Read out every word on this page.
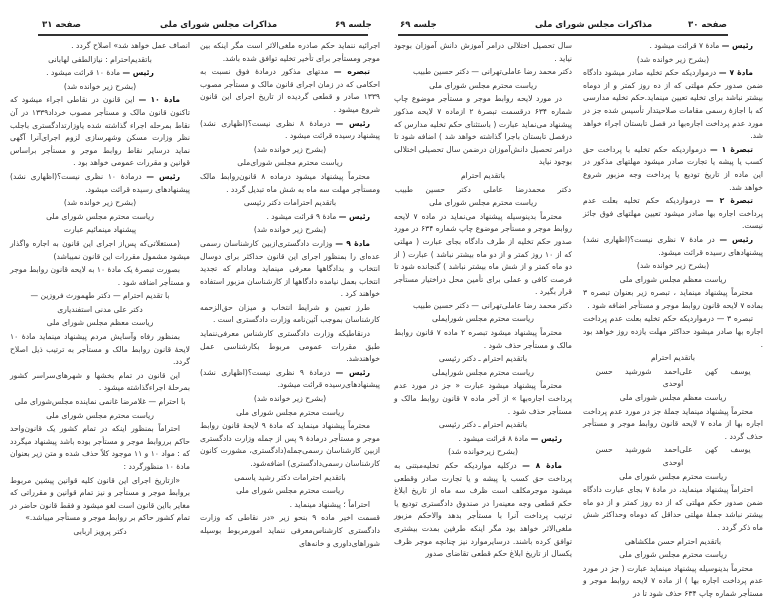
صفحه ۳۱	مذاکرات مجلس شورای ملی	جلسه ۶۹	جلسه ۶۹	مذاکرات مجلس شورای ملی	صفحه ۳۰

رئیس — مادهٔ ۷ قرائت میشود .

(بشرح زیر خوانده شد)

مادهٔ ۷ — درمواردیکه حکم تخلیه صادر میشود دادگاه ضمن صدور حکم مهلتی که از ده روز کمتر و از دوماه بیشتر نباشد برای تخلیه تعیین مینماید.حکم تخلیه مدارسی که با اجازهٔ رسمی مقامات صلاحیتدار تأسیس شده جز در مورد عدم پرداخت اجاره‌بها در فصل تابستان اجراء خواهد شد.

تبصرهٔ ۱ — درمواردیکه حکم تخلیه با پرداخت حق کسب یا پیشه یا تجارت صادر میشود مهلتهای مذکور در این ماده از تاریخ تودیع یا پرداخت وجه مزبور شروع خواهد شد.

تبصرهٔ ۲ — درمواردیکه حکم تخلیه بعلت عدم پرداخت اجاره بها صادر میشود تعیین مهلتهای فوق جائز نیست.

رئیس — در مادهٔ ۷ نظری نیست؟(اظهاری نشد) پیشنهادهای رسیده قرائت میشود.

(بشرح زیر خوانده شد)

ریاست معظم مجلس شورای ملی

محترماً پیشنهاد مینماید ، تبصره زیر بعنوان تبصره ۳ بماده ۷ لایحه قانون روابط موجر و مستأجر اضافه شود .

تبصره ۳ — درمواردیکه حکم تخلیه بعلت عدم پرداخت اجاره بها صادر میشود حداکثر مهلت یازده روز خواهد بود .

باتقدیم احترام

یوسف کهن علی‌احمد شورشید حسن اوحدی

ریاست معظم مجلس شورای ملی

محترماً پیشنهاد مینماید جملهٔ جز در مورد عدم پرداخت اجاره بها از ماده ۷ لایحه قانون روابط موجر و مستأجر حذف گردد .

یوسف کهن علی‌احمد شورشید حسن اوحدی

ریاست محترم مجلس شورای ملی

احتراماً پیشنهاد مینماید، در مادهٔ ۷ بجای عبارت دادگاه ضمن صدور حکم مهلتی که از ده روز کمتر و از دو ماه بیشتر نباشد جملهٔ مهلتی حداقل که دوماه وحداکثر شش ماه ذکر گردد .

باتقدیم احترام حسن ملکشاهی

ریاست محترم مجلس شورای ملی

محترماً بدینوسیله پیشنهاد مینماید عبارت ( جز در مورد عدم پرداخت اجاره بها ) از ماده ۷ لایحه روابط موجر و مستأجر شماره چاپ ۶۳۴ حذف شود تا در

سال تحصیل اختلالی درامر آموزش دانش آموزان بوجود نیاید .

دکتر محمد رضا عاملی‌تهرانی — دکتر حسین طبیب

ریاست محترم مجلس شورای ملی

در مورد لایحه روابط موجر و مستأجر موضوع چاپ شماره ۶۳۴ درقسمت تبصرهٔ ۲ ازماده ۷ لایحه مذکور پیشنهاد می‌نماید عبارت ( باستثنای حکم تخلیه مدارس که درفصل تابستان باجرا گذاشته خواهد شد ) اضافه شود تا درامر تحصیل دانش‌آموزان درضمن سال تحصیلی اختلالی بوجود نیاید

باتقدیم احترام

دکتر محمدرضا عاملی دکتر حسین طبیب

ریاست محترم مجلس شورای ملی

محترماً بدینوسیله پیشنهاد می‌نماید در ماده ۷ لایحه روابط موجر و مستأجر موضوع چاپ شماره ۶۳۴ در مورد صدور حکم تخلیه از طرف دادگاه بجای عبارت ( مهلتی که از ۱۰ روز کمتر و از دو ماه بیشتر نباشد ) عبارت ( از دو ماه کمتر و از شش ماه بیشتر نباشد ) گنجانده شود تا فرصت کافی و عملی برای تأمین محل دراختیار مستأجر قرار بگیرد .

دکتر محمد رضا عاملی‌تهرانی — دکتر حسین طبیب

ریاست محترم مجلس شورایملی

محترماً پیشنهاد میشود تبصره ۲ ماده ۷ قانون روابط مالک و مستأجر حذف شود .

باتقدیم احترام ـ دکتر رئیسی

ریاست محترم مجلس شورایملی

محترماً پیشنهاد میشود عبارت « جز در مورد عدم پرداخت اجاره‌بها » از آخر ماده ۷ قانون روابط مالک و مستأجر حذف شود .

باتقدیم احترام ـ دکتر رئیسی

رئیس — مادهٔ ۸ قرائت میشود .

(بشرح زیرخوانده شد)

مادهٔ ۸ — درکلیه مواردیکه حکم تخلیه‌مبتنی به پرداخت حق کسب یا پیشه و یا تجارت صادر وقطعی میشود موجرمکلف است ظرف سه ماه از تاریخ ابلاغ حکم قطعی وجه معینه‌را در صندوق دادگستری تودیع یا ترتیب پرداخت آنرا با مستأجر بدهد والاحکم مزبور ملغی‌الاثر خواهد بود مگر اینکه طرفین بمدت بیشتری توافق کرده باشند. درسایرموارد نیز چنانچه موجر ظرف یکسال از تاریخ ابلاغ حکم قطعی تقاضای صدور

اجرائیه ننماید حکم صادره ملغی‌الاثر است مگر اینکه بین موجر ومستأجر برای تأخیر تخلیه توافق شده باشد.

تبصره — مدتهای مذکور درمادهٔ فوق نسبت به احکامی که در زمان اجرای قانون مالک و مستأجر مصوب ۱۳۳۹ صادر و قطعی گردیده از تاریخ اجرای این قانون شروع میشود .

رئیس — درمادهٔ ۸ نظری نیست؟(اظهاری نشد) پیشنهاد رسیده قرائت میشود .

(بشرح زیر خوانده شد)

ریاست محترم مجلس شورای‌ملی

محترماً پیشنهاد میشود درماده ۸ قانون‌روابط مالک ومستأجر مهلت سه ماه به شش ماه تبدیل گردد .

باتقدیم احترامات دکتر رئیسی

رئیس — مادهٔ ۹ قرائت میشود .

(بشرح زیر خوانده شد)

مادهٔ ۹ — وزارت دادگستری‌ازبین کارشناسان رسمی عده‌ای را بمنظور اجرای این قانون حداکثر برای دوسال انتخاب و بدادگاهها معرفی مینماید ومادام که تجدید انتخاب بعمل نیامده دادگاهها از کارشناسان مزبور استفاده خواهند کرد .

طرز تعیین و شرایط انتخاب و میزان حق‌الزحمه کارشناسان بموجب آئین‌نامه وزارت دادگستری است .

درنقاطیکه وزارت دادگستری کارشناس معرفی‌ننماید طبق مقررات عمومی مربوط بکارشناسی عمل خواهندشد.

رئیس — درمادهٔ ۹ نظری نیست؟(اظهاری نشد) پیشنهادهای‌رسیده قرائت میشود.

(بشرح زیر خوانده شد)

ریاست محترم مجلس شورای ملی

محترماً پیشنهاد مینماید که مادهٔ ۹ لایحهٔ قانون روابط موجر و مستأجر درمادهٔ ۹ پس از جمله وزارت دادگستری ازبین کارشناسان رسمی‌جمله(دادگستری، مشورت کانون کارشناسان رسمی‌دادگستری) اضافه‌شود.

باتقدیم احترامات دکتر رشید یاسمی

ریاست محترم مجلس شورای ملی

احتراماً ؛ پیشنهاد مینماید .

قسمت اخیر ماده ۹ بنحو زیر «در نقاطی که وزارت دادگستری کارشناس‌معرفی ننماید امورمربوط بوسیله شوراهای‌داوری و خانه‌های

انصاف عمل خواهد شد» اصلاح گردد .

باتقدیم‌احترام : نیازالطفی لهابانی

رئیس — مادهٔ ۱۰ قرائت میشود .

(بشرح زیر خوانده شد)

مادهٔ ۱۰ — این قانون در نقاطی اجراء میشود که تاکنون قانون مالک و مستأجر مصوب خرداد۱۳۳۹ در آن نقاط بمرحله اجراء گذاشته شده یاوزارتدادگستری باجلب نظر وزارت مسکن وشهرسازی لزوم اجرای‌آنرا آگهی نماید درسایر نقاط روابط موجر و مستأجر براساس قوانین و مقررات عمومی خواهد بود .

رئیس — درمادهٔ ۱۰ نظری نیست؟(اظهاری نشد) پیشنهادهای رسیده قرائت میشود.

(بشرح زیر خوانده شد)

ریاست محترم مجلس شورای ملی

پیشنهاد مینمائیم عبارت

(مستغلاتی‌که پس‌از اجرای این قانون به اجاره واگذار میشود مشمول مقررات این قانون نمیباشد)

بصورت تبصرهٔ یک مادهٔ ۱۰ به لایحه قانون روابط موجر و مستأجر اضافه شود .

با تقدیم احترام — دکتر طهمورث فروزین —

دکتر علی مدنی استفندیاری

ریاست معظم مجلس شورای ملی

بمنظور رفاه وآسایش مردم پیشنهاد مینماید مادهٔ ۱۰ لایحهٔ قانون روابط مالک و مستأجر به ترتیب ذیل اصلاح گردد.

این قانون در تمام بخشها و شهرهای‌سراسر کشور بمرحلهٔ اجراءگذاشته میشود .

با احترام — غلامرضا غانمی نماینده مجلس‌شورای ملی

ریاست محترم مجلس شورای ملی

احتراماً بمنظور اینکه در تمام کشور یک قانون‌واحد حاکم برروابط موجر و مستأجر بوده باشد پیشنهاد میگردد که : مواد ۱۰ و ۱۱ موجود کلاً حذف شده و متن زیر بعنوان مادهٔ ۱۰ منظورگردد :

«ازتاریخ اجرای این قانون کلیه قوانین پیشین مربوط بروابط موجر و مستأجر و نیز تمام قوانین و مقرراتی که مغایر بااین قانون است لغو میشود و فقط قانون حاضر در تمام کشور حاکم بر روابط موجر و مستأجر میباشد.»

دکتر پرویز اربابی
